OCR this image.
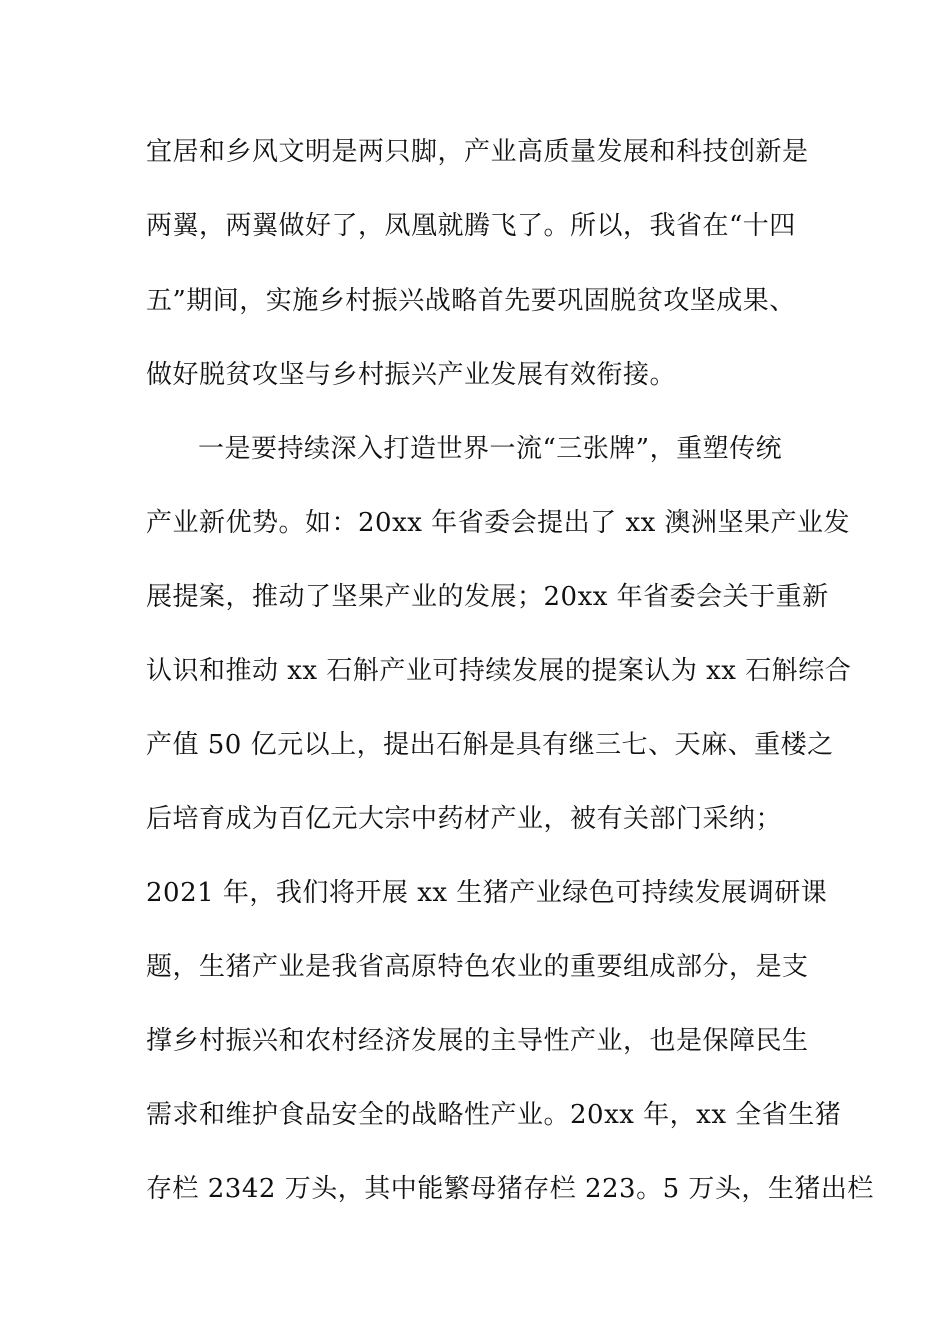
宜居和乡风文明是两只脚，产业高质量发展和科技创新是
两翼，两翼做好了，凤凰就腾飞了。所以，我省在“十四
五”期间，实施乡村振兴战略首先要巩固脱贫攻坚成果、
做好脱贫攻坚与乡村振兴产业发展有效衔接。
一是要持续深入打造世界一流“三张牌”，重塑传统
产业新优势。如：20xx 年省委会提出了 xx 澳洲坚果产业发
展提案，推动了坚果产业的发展；20xx 年省委会关于重新
认识和推动 xx 石斛产业可持续发展的提案认为 xx 石斛综合
产值 50 亿元以上，提出石斛是具有继三七、天麻、重楼之
后培育成为百亿元大宗中药材产业，被有关部门采纳；
2021 年，我们将开展 xx 生猪产业绿色可持续发展调研课
题，生猪产业是我省高原特色农业的重要组成部分，是支
撑乡村振兴和农村经济发展的主导性产业，也是保障民生
需求和维护食品安全的战略性产业。20xx 年，xx 全省生猪
存栏 2342 万头，其中能繁母猪存栏 223。5 万头，生猪出栏
